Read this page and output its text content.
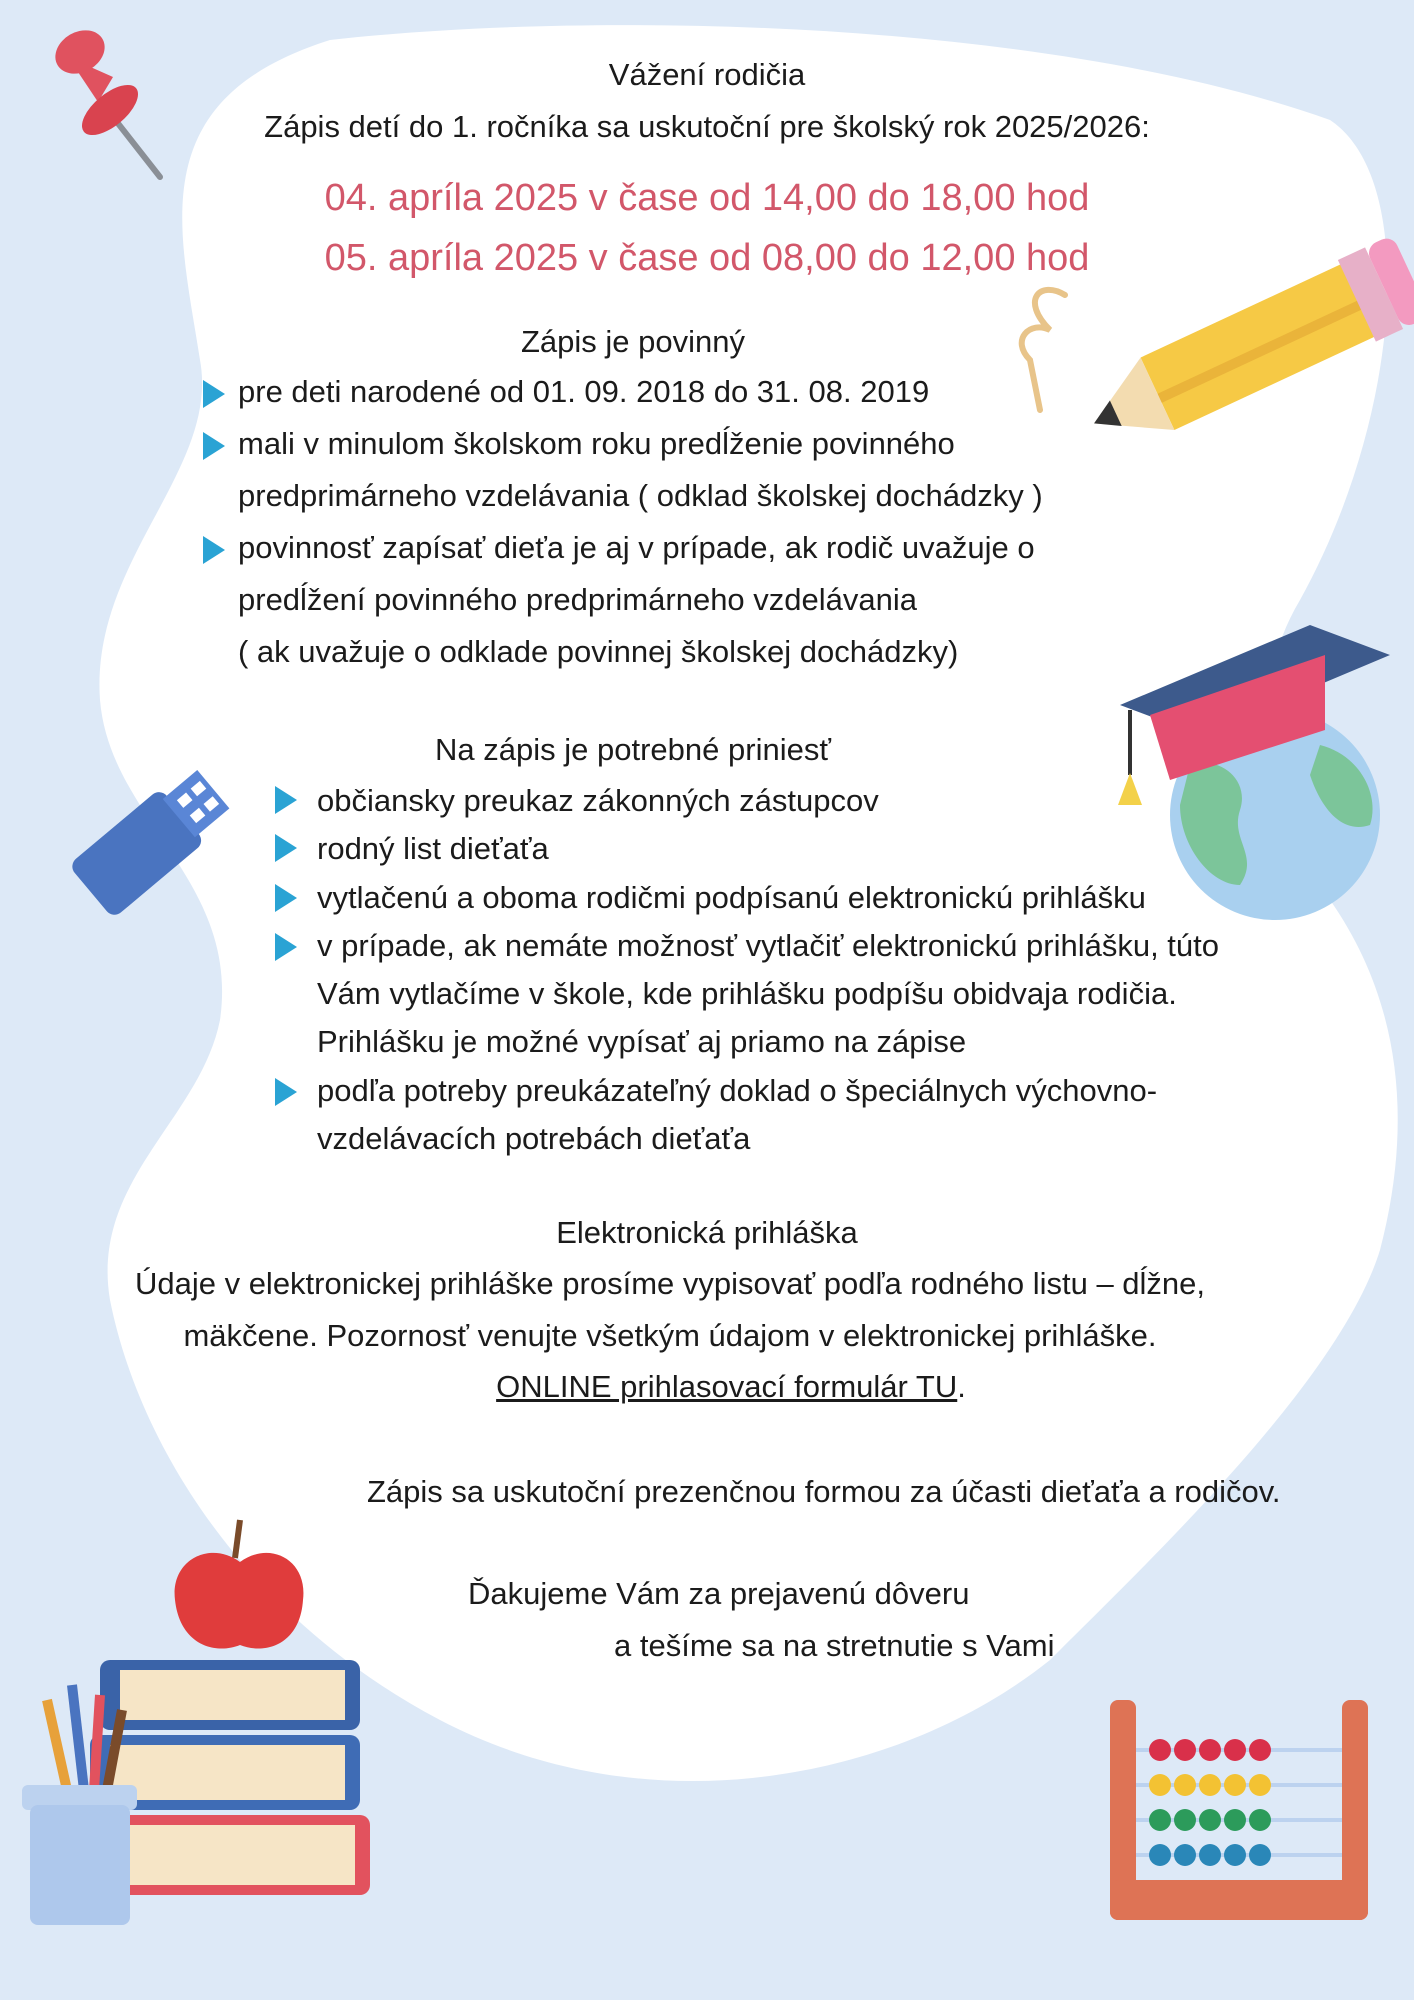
Vážení rodičia
Zápis detí do 1. ročníka sa uskutoční pre školský rok 2025/2026:
04. apríla 2025 v čase od 14,00 do 18,00 hod
05. apríla 2025 v čase od 08,00 do 12,00 hod
Zápis je povinný
pre deti narodené od 01. 09. 2018 do 31. 08. 2019
mali v minulom školskom roku predĺženie povinného
predprimárneho vzdelávania ( odklad školskej dochádzky )
povinnosť zapísať dieťa je aj v prípade, ak rodič uvažuje o
predĺžení povinného predprimárneho vzdelávania
( ak uvažuje o odklade povinnej školskej dochádzky)
Na zápis je potrebné priniesť
občiansky preukaz zákonných zástupcov
rodný list dieťaťa
vytlačenú a oboma rodičmi podpísanú elektronickú prihlášku
v prípade, ak nemáte možnosť vytlačiť elektronickú prihlášku, túto
Vám vytlačíme v škole, kde prihlášku podpíšu obidvaja rodičia.
Prihlášku je možné vypísať aj priamo na zápise
podľa potreby preukázateľný doklad o špeciálnych výchovno-
vzdelávacích potrebách dieťaťa
Elektronická prihláška
Údaje v elektronickej prihláške prosíme vypisovať podľa rodného listu – dĺžne,
mäkčene. Pozornosť venujte všetkým údajom v elektronickej prihláške.
ONLINE prihlasovací formulár TU.
Zápis sa uskutoční prezenčnou formou za účasti dieťaťa a rodičov.
Ďakujeme Vám za prejavenú dôveru
a tešíme sa na stretnutie s Vami
